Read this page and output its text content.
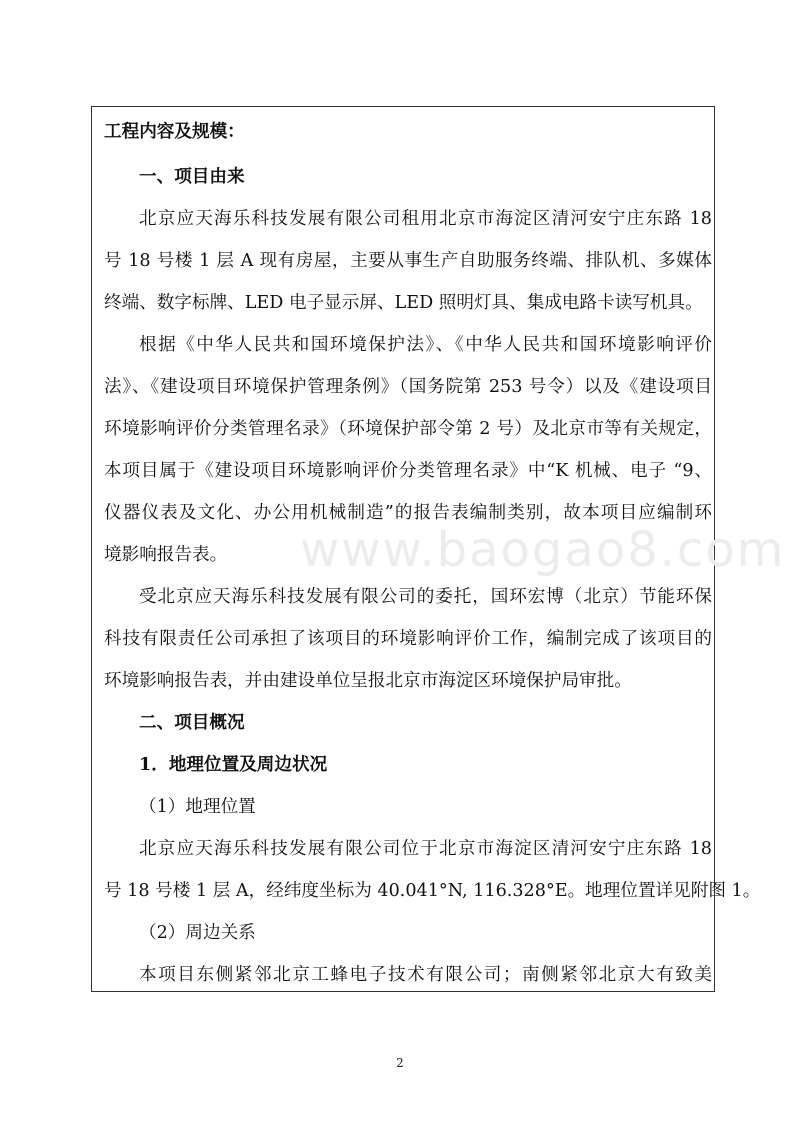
工程内容及规模：
一、项目由来
北京应天海乐科技发展有限公司租用北京市海淀区清河安宁庄东路 18
号 18 号楼 1 层 A 现有房屋，主要从事生产自助服务终端、排队机、多媒体
终端、数字标牌、LED 电子显示屏、LED 照明灯具、集成电路卡读写机具。
根据《中华人民共和国环境保护法》、《中华人民共和国环境影响评价
法》、《建设项目环境保护管理条例》（国务院第 253 号令）以及《建设项目
环境影响评价分类管理名录》（环境保护部令第 2 号）及北京市等有关规定，
本项目属于《建设项目环境影响评价分类管理名录》中“K 机械、电子 “9、
仪器仪表及文化、办公用机械制造”的报告表编制类别，故本项目应编制环
境影响报告表。
受北京应天海乐科技发展有限公司的委托，国环宏博（北京）节能环保
科技有限责任公司承担了该项目的环境影响评价工作，编制完成了该项目的
环境影响报告表，并由建设单位呈报北京市海淀区环境保护局审批。
二、项目概况
1．地理位置及周边状况
（1）地理位置
北京应天海乐科技发展有限公司位于北京市海淀区清河安宁庄东路 18
号 18 号楼 1 层 A，经纬度坐标为 40.041°N, 116.328°E。地理位置详见附图 1。
（2）周边关系
本项目东侧紧邻北京工蜂电子技术有限公司；南侧紧邻北京大有致美
www.baogao8.com
2
